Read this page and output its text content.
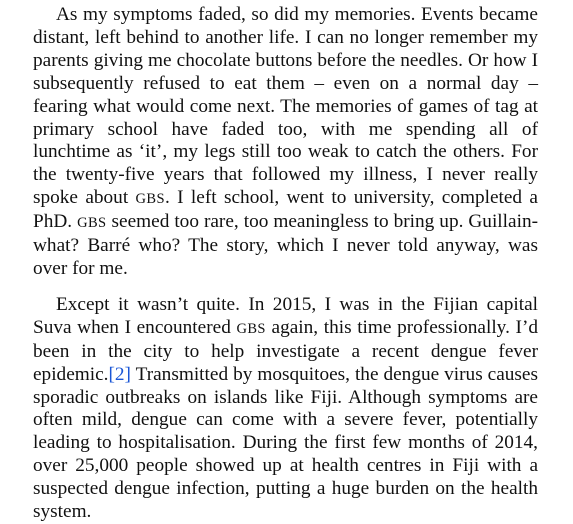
As my symptoms faded, so did my memories. Events became distant, left behind to another life. I can no longer remember my parents giving me chocolate buttons before the needles. Or how I subsequently refused to eat them – even on a normal day – fearing what would come next. The memories of games of tag at primary school have faded too, with me spending all of lunchtime as ‘it’, my legs still too weak to catch the others. For the twenty-five years that followed my illness, I never really spoke about GBS. I left school, went to university, completed a PhD. GBS seemed too rare, too meaningless to bring up. Guillain-what? Barré who? The story, which I never told anyway, was over for me.

Except it wasn’t quite. In 2015, I was in the Fijian capital Suva when I encountered GBS again, this time professionally. I’d been in the city to help investigate a recent dengue fever epidemic.[2] Transmitted by mosquitoes, the dengue virus causes sporadic outbreaks on islands like Fiji. Although symptoms are often mild, dengue can come with a severe fever, potentially leading to hospitalisation. During the first few months of 2014, over 25,000 people showed up at health centres in Fiji with a suspected dengue infection, putting a huge burden on the health system.
